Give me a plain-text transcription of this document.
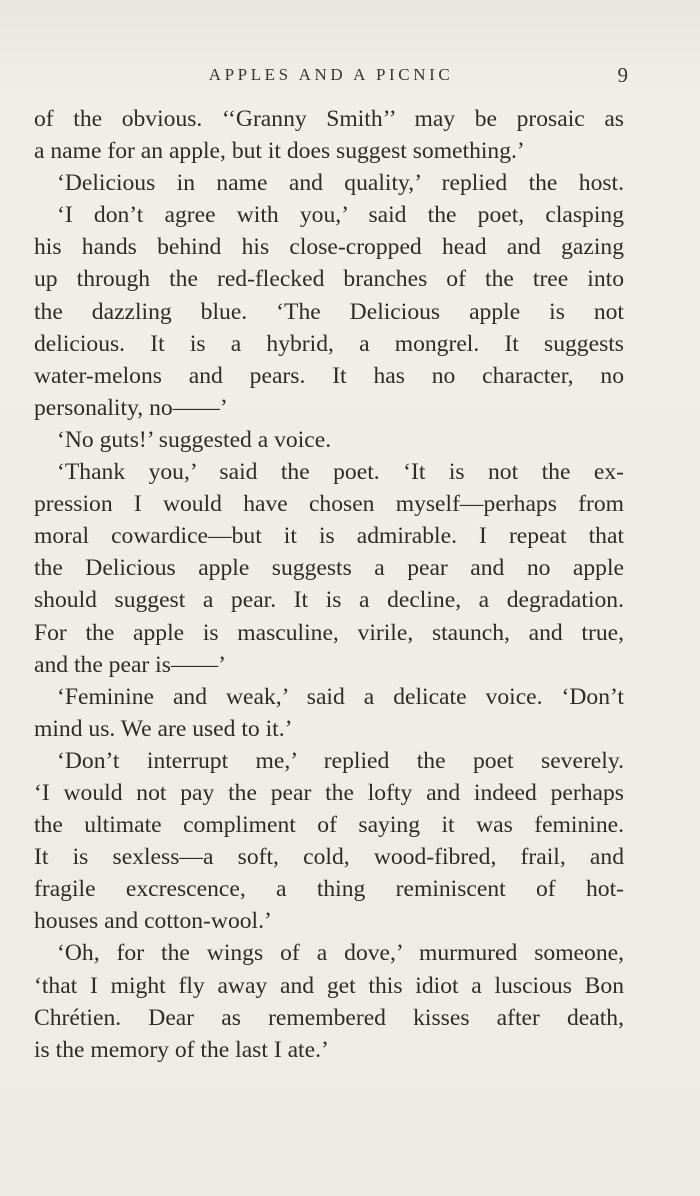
APPLES AND A PICNIC	9
of the obvious. ‘‘Granny Smith’’ may be prosaic as
a name for an apple, but it does suggest something.’
‘Delicious in name and quality,’ replied the host.
‘I don’t agree with you,’ said the poet, clasping
his hands behind his close-cropped head and gazing
up through the red-flecked branches of the tree into
the dazzling blue. ‘The Delicious apple is not
delicious. It is a hybrid, a mongrel. It suggests
water-melons and pears. It has no character, no
personality, no——’
‘No guts!’ suggested a voice.
‘Thank you,’ said the poet. ‘It is not the ex-
pression I would have chosen myself—perhaps from
moral cowardice—but it is admirable. I repeat that
the Delicious apple suggests a pear and no apple
should suggest a pear. It is a decline, a degradation.
For the apple is masculine, virile, staunch, and true,
and the pear is——’
‘Feminine and weak,’ said a delicate voice. ‘Don’t
mind us. We are used to it.’
‘Don’t interrupt me,’ replied the poet severely.
‘I would not pay the pear the lofty and indeed perhaps
the ultimate compliment of saying it was feminine.
It is sexless—a soft, cold, wood-fibred, frail, and
fragile excrescence, a thing reminiscent of hot-
houses and cotton-wool.’
‘Oh, for the wings of a dove,’ murmured someone,
‘that I might fly away and get this idiot a luscious Bon
Chrétien. Dear as remembered kisses after death,
is the memory of the last I ate.’
